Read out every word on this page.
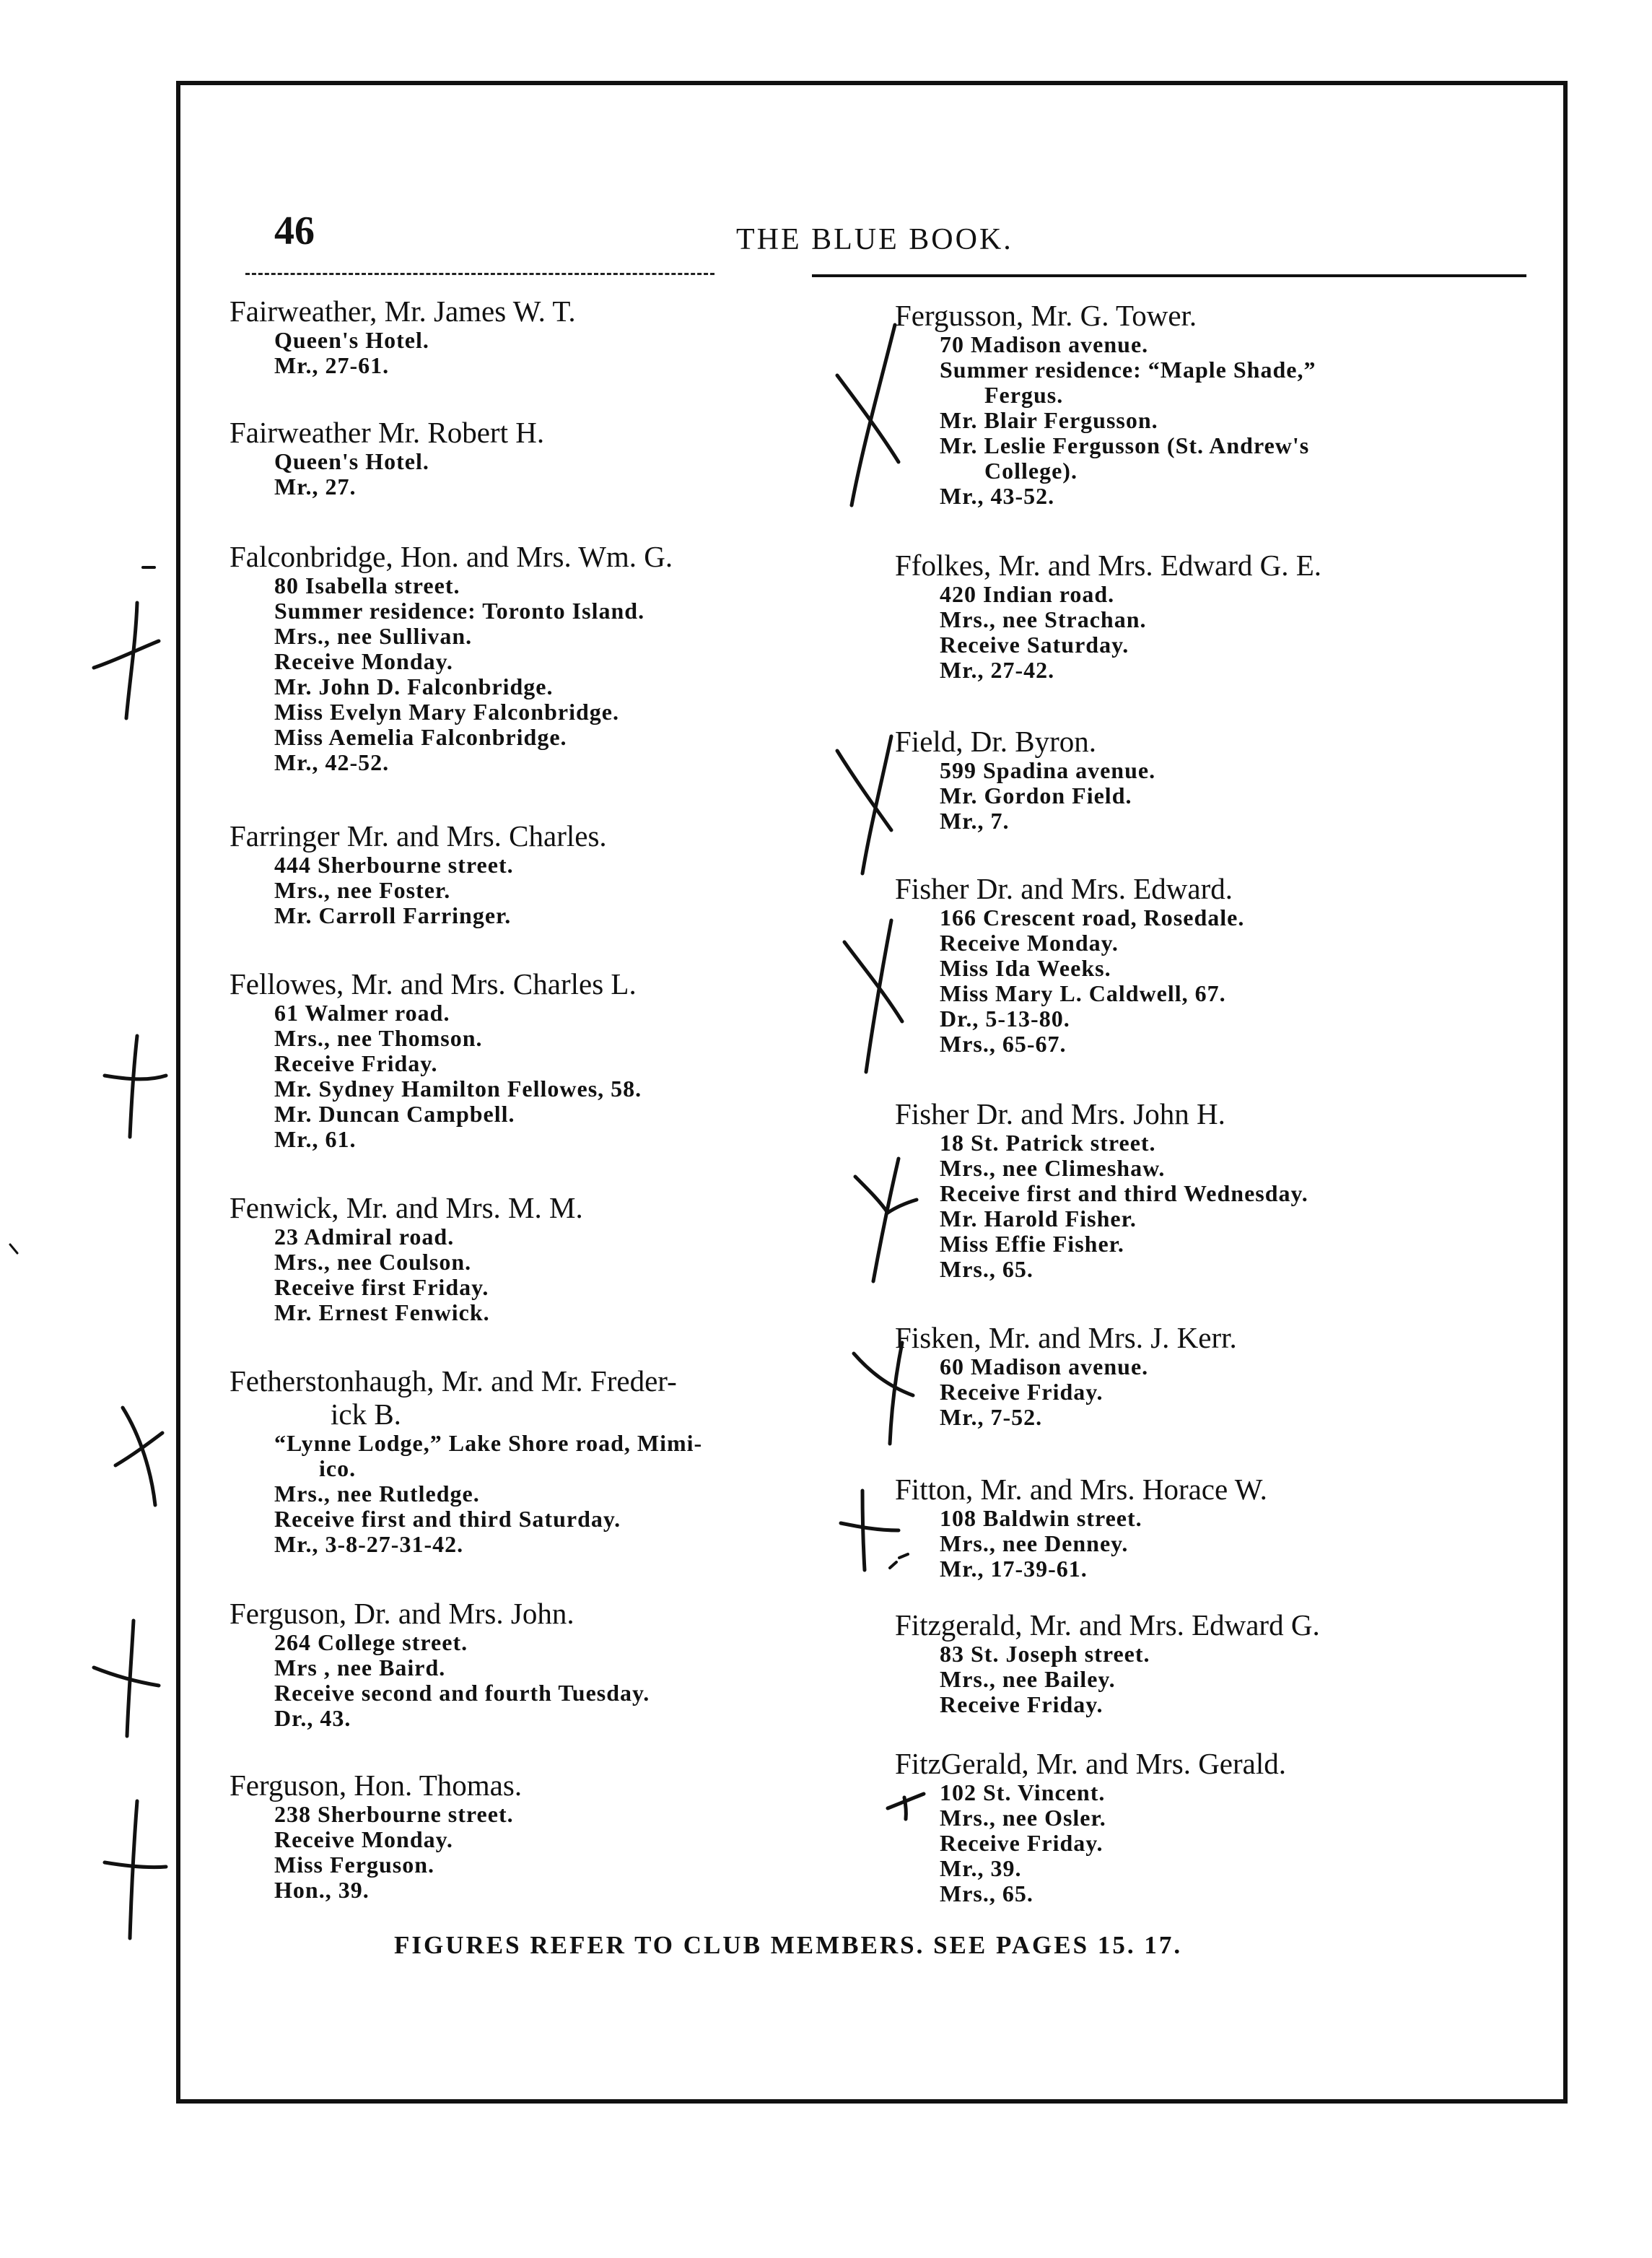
46	THE BLUE BOOK.
Fairweather, Mr. James W. T.
Queen's Hotel.
Mr., 27-61.
Fairweather Mr. Robert H.
Queen's Hotel.
Mr., 27.
Falconbridge, Hon. and Mrs. Wm. G.
80 Isabella street.
Summer residence: Toronto Island.
Mrs., nee Sullivan.
Receive Monday.
Mr. John D. Falconbridge.
Miss Evelyn Mary Falconbridge.
Miss Aemelia Falconbridge.
Mr., 42-52.
Farringer Mr. and Mrs. Charles.
444 Sherbourne street.
Mrs., nee Foster.
Mr. Carroll Farringer.
Fellowes, Mr. and Mrs. Charles L.
61 Walmer road.
Mrs., nee Thomson.
Receive Friday.
Mr. Sydney Hamilton Fellowes, 58.
Mr. Duncan Campbell.
Mr., 61.
Fenwick, Mr. and Mrs. M. M.
23 Admiral road.
Mrs., nee Coulson.
Receive first Friday.
Mr. Ernest Fenwick.
Fetherstonhaugh, Mr. and Mr. Freder-
ick B.
“Lynne Lodge,” Lake Shore road, Mimi-
ico.
Mrs., nee Rutledge.
Receive first and third Saturday.
Mr., 3-8-27-31-42.
Ferguson, Dr. and Mrs. John.
264 College street.
Mrs , nee Baird.
Receive second and fourth Tuesday.
Dr., 43.
Ferguson, Hon. Thomas.
238 Sherbourne street.
Receive Monday.
Miss Ferguson.
Hon., 39.
Fergusson, Mr. G. Tower.
70 Madison avenue.
Summer residence: “Maple Shade,”
Fergus.
Mr. Blair Fergusson.
Mr. Leslie Fergusson (St. Andrew's
College).
Mr., 43-52.
Ffolkes, Mr. and Mrs. Edward G. E.
420 Indian road.
Mrs., nee Strachan.
Receive Saturday.
Mr., 27-42.
Field, Dr. Byron.
599 Spadina avenue.
Mr. Gordon Field.
Mr., 7.
Fisher Dr. and Mrs. Edward.
166 Crescent road, Rosedale.
Receive Monday.
Miss Ida Weeks.
Miss Mary L. Caldwell, 67.
Dr., 5-13-80.
Mrs., 65-67.
Fisher Dr. and Mrs. John H.
18 St. Patrick street.
Mrs., nee Climeshaw.
Receive first and third Wednesday.
Mr. Harold Fisher.
Miss Effie Fisher.
Mrs., 65.
Fisken, Mr. and Mrs. J. Kerr.
60 Madison avenue.
Receive Friday.
Mr., 7-52.
Fitton, Mr. and Mrs. Horace W.
108 Baldwin street.
Mrs., nee Denney.
Mr., 17-39-61.
Fitzgerald, Mr. and Mrs. Edward G.
83 St. Joseph street.
Mrs., nee Bailey.
Receive Friday.
FitzGerald, Mr. and Mrs. Gerald.
102 St. Vincent.
Mrs., nee Osler.
Receive Friday.
Mr., 39.
Mrs., 65.
FIGURES REFER TO CLUB MEMBERS. SEE PAGES 15. 17.
